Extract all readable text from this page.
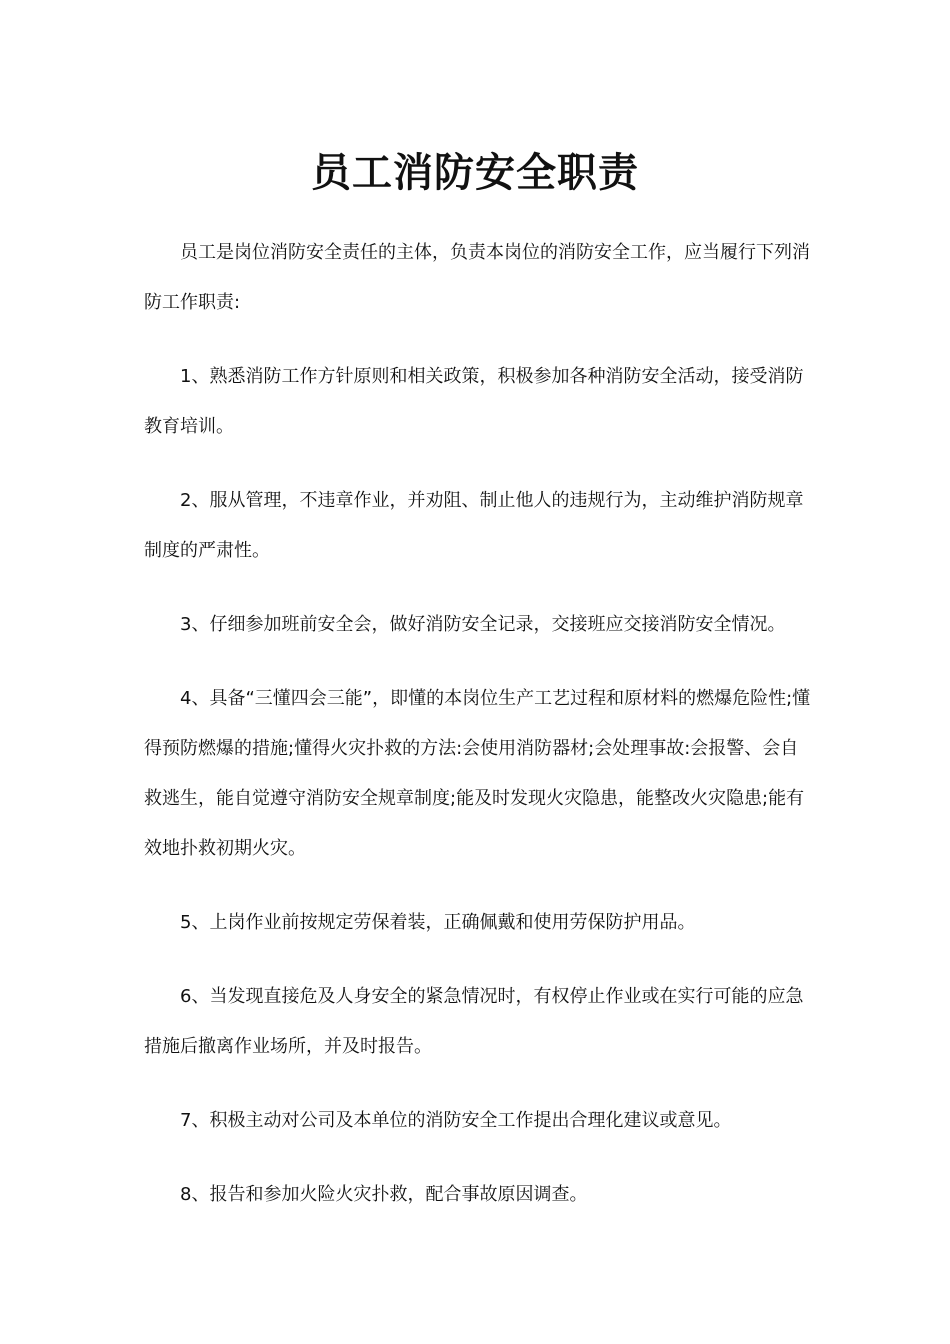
员工消防安全职责

员工是岗位消防安全责任的主体，负责本岗位的消防安全工作，应当履行下列消防工作职责:

1、熟悉消防工作方针原则和相关政策，积极参加各种消防安全活动，接受消防教育培训。

2、服从管理，不违章作业，并劝阻、制止他人的违规行为，主动维护消防规章制度的严肃性。

3、仔细参加班前安全会，做好消防安全记录，交接班应交接消防安全情况。

4、具备“三懂四会三能”，即懂的本岗位生产工艺过程和原材料的燃爆危险性;懂得预防燃爆的措施;懂得火灾扑救的方法:会使用消防器材;会处理事故:会报警、会自救逃生，能自觉遵守消防安全规章制度;能及时发现火灾隐患，能整改火灾隐患;能有效地扑救初期火灾。

5、上岗作业前按规定劳保着装，正确佩戴和使用劳保防护用品。

6、当发现直接危及人身安全的紧急情况时，有权停止作业或在实行可能的应急措施后撤离作业场所，并及时报告。

7、积极主动对公司及本单位的消防安全工作提出合理化建议或意见。

8、报告和参加火险火灾扑救，配合事故原因调查。
